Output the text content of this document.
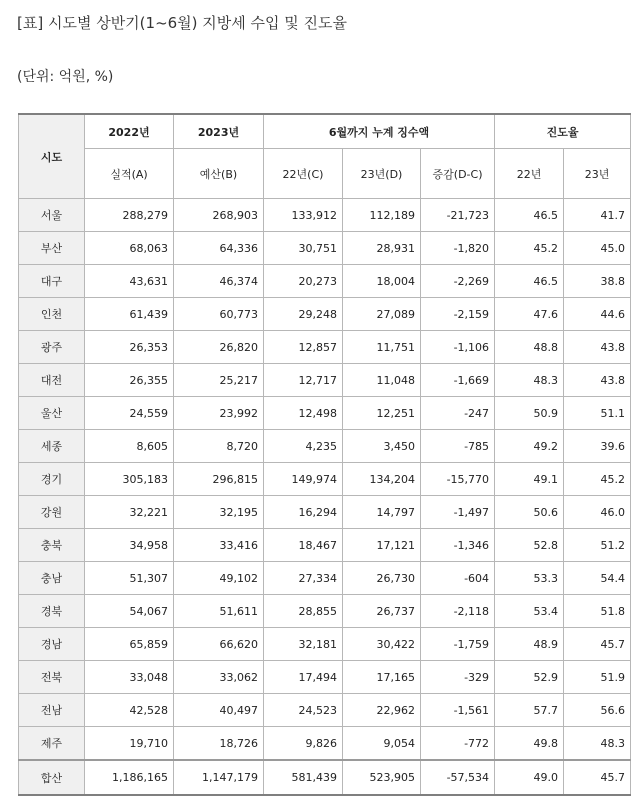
[표] 시도별 상반기(1~6월) 지방세 수입 및 진도율
(단위: 억원, %)
시도	2022년	2023년	6월까지 누계 징수액			진도율	
	실적(A)	예산(B)	22년(C)	23년(D)	증감(D-C)	22년	23년
서울	288,279	268,903	133,912	112,189	-21,723	46.5	41.7
부산	68,063	64,336	30,751	28,931	-1,820	45.2	45.0
대구	43,631	46,374	20,273	18,004	-2,269	46.5	38.8
인천	61,439	60,773	29,248	27,089	-2,159	47.6	44.6
광주	26,353	26,820	12,857	11,751	-1,106	48.8	43.8
대전	26,355	25,217	12,717	11,048	-1,669	48.3	43.8
울산	24,559	23,992	12,498	12,251	-247	50.9	51.1
세종	8,605	8,720	4,235	3,450	-785	49.2	39.6
경기	305,183	296,815	149,974	134,204	-15,770	49.1	45.2
강원	32,221	32,195	16,294	14,797	-1,497	50.6	46.0
충북	34,958	33,416	18,467	17,121	-1,346	52.8	51.2
충남	51,307	49,102	27,334	26,730	-604	53.3	54.4
경북	54,067	51,611	28,855	26,737	-2,118	53.4	51.8
경남	65,859	66,620	32,181	30,422	-1,759	48.9	45.7
전북	33,048	33,062	17,494	17,165	-329	52.9	51.9
전남	42,528	40,497	24,523	22,962	-1,561	57.7	56.6
제주	19,710	18,726	9,826	9,054	-772	49.8	48.3
합산	1,186,165	1,147,179	581,439	523,905	-57,534	49.0	45.7
